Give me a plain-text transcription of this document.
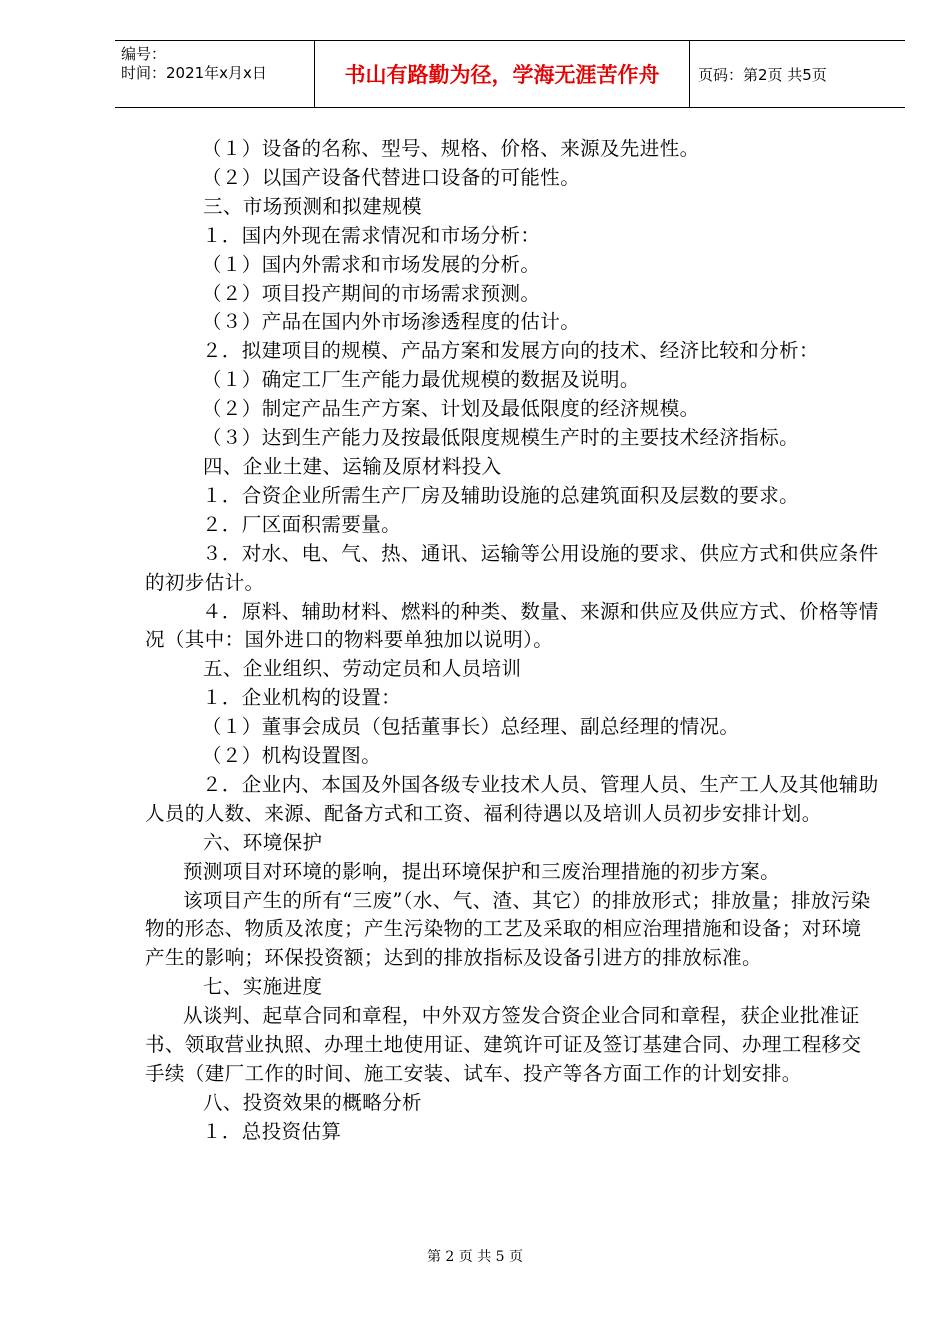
编号：
时间：2021年x月x日	书山有路勤为径，学海无涯苦作舟	页码：第2页 共5页

（１）设备的名称、型号、规格、价格、来源及先进性。

（２）以国产设备代替进口设备的可能性。

三、市场预测和拟建规模

１．国内外现在需求情况和市场分析：

（１）国内外需求和市场发展的分析。

（２）项目投产期间的市场需求预测。

（３）产品在国内外市场渗透程度的估计。

２．拟建项目的规模、产品方案和发展方向的技术、经济比较和分析：

（１）确定工厂生产能力最优规模的数据及说明。

（２）制定产品生产方案、计划及最低限度的经济规模。

（３）达到生产能力及按最低限度规模生产时的主要技术经济指标。

四、企业土建、运输及原材料投入

１．合资企业所需生产厂房及辅助设施的总建筑面积及层数的要求。

２．厂区面积需要量。

３．对水、电、气、热、通讯、运输等公用设施的要求、供应方式和供应条件的初步估计。

４．原料、辅助材料、燃料的种类、数量、来源和供应及供应方式、价格等情况（其中：国外进口的物料要单独加以说明）。

五、企业组织、劳动定员和人员培训

１．企业机构的设置：

（１）董事会成员（包括董事长）总经理、副总经理的情况。

（２）机构设置图。

２．企业内、本国及外国各级专业技术人员、管理人员、生产工人及其他辅助人员的人数、来源、配备方式和工资、福利待遇以及培训人员初步安排计划。

六、环境保护

预测项目对环境的影响，提出环境保护和三废治理措施的初步方案。

该项目产生的所有“三废”（水、气、渣、其它）的排放形式；排放量；排放污染物的形态、物质及浓度；产生污染物的工艺及采取的相应治理措施和设备；对环境产生的影响；环保投资额；达到的排放指标及设备引进方的排放标准。

七、实施进度

从谈判、起草合同和章程，中外双方签发合资企业合同和章程，获企业批准证书、领取营业执照、办理土地使用证、建筑许可证及签订基建合同、办理工程移交手续（建厂工作的时间、施工安装、试车、投产等各方面工作的计划安排。

八、投资效果的概略分析

１．总投资估算

第 2 页 共 5 页
